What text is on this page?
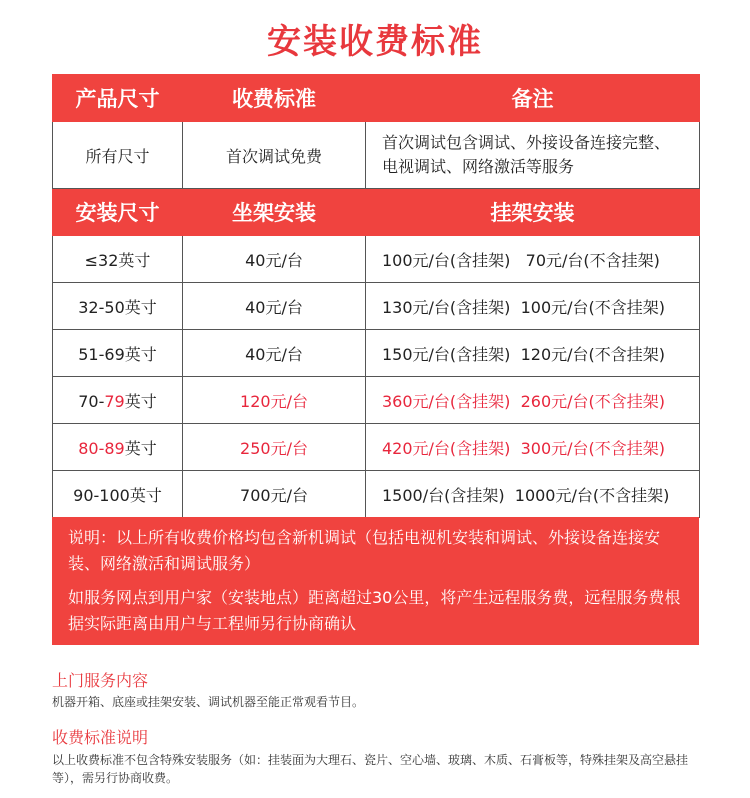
安装收费标准
产品尺寸	收费标准	备注
所有尺寸	首次调试免费	首次调试包含调试、外接设备连接完整、
电视调试、网络激活等服务

安装尺寸	坐架安装	挂架安装
≤32英寸	40元/台	100元/台(含挂架)   70元/台(不含挂架)
32-50英寸	40元/台	130元/台(含挂架)  100元/台(不含挂架)
51-69英寸	40元/台	150元/台(含挂架)  120元/台(不含挂架)
70-79英寸	120元/台	360元/台(含挂架)  260元/台(不含挂架)
80-89英寸	250元/台	420元/台(含挂架)  300元/台(不含挂架)
90-100英寸	700元/台	1500/台(含挂架)  1000元/台(不含挂架)

说明：以上所有收费价格均包含新机调试（包括电视机安装和调试、外接设备连接安装、网络激活和调试服务）

如服务网点到用户家（安装地点）距离超过30公里，将产生远程服务费，远程服务费根据实际距离由用户与工程师另行协商确认

上门服务内容
机器开箱、底座或挂架安装、调试机器至能正常观看节目。
收费标准说明
以上收费标准不包含特殊安装服务（如：挂装面为大理石、瓷片、空心墙、玻璃、木质、石膏板等，特殊挂架及高空悬挂等），需另行协商收费。
